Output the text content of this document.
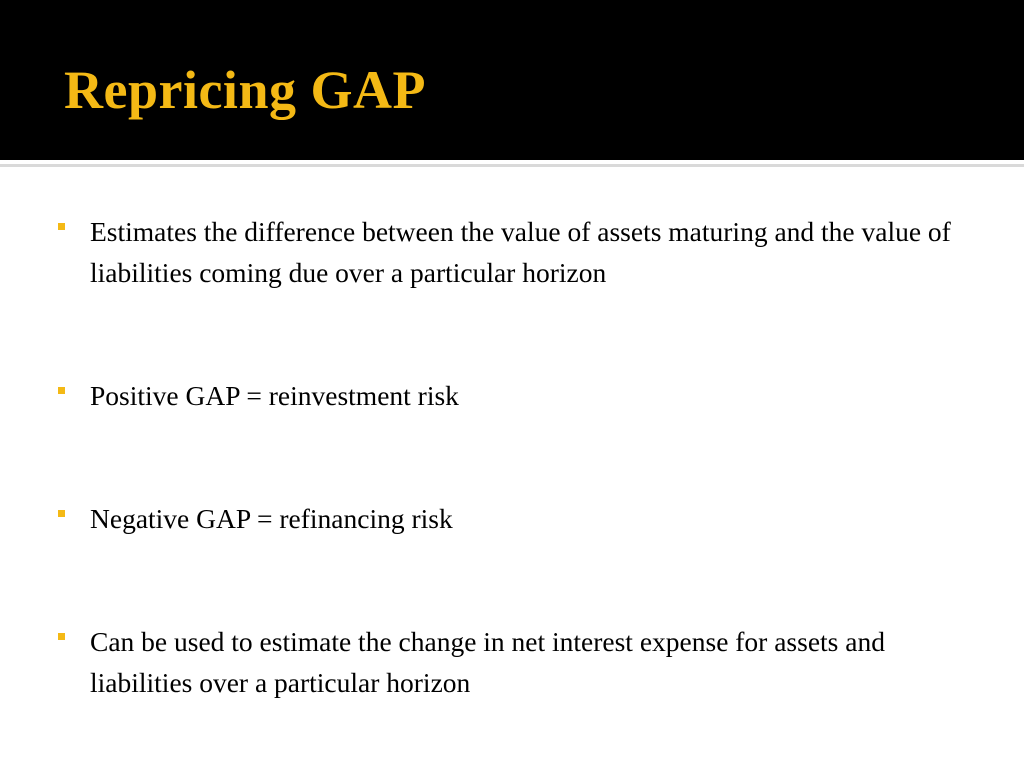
Repricing GAP

Estimates the difference between the value of assets maturing and the value of liabilities coming due over a particular horizon

Positive GAP = reinvestment risk

Negative GAP = refinancing risk

Can be used to estimate the change in net interest expense for assets and liabilities over a particular horizon
